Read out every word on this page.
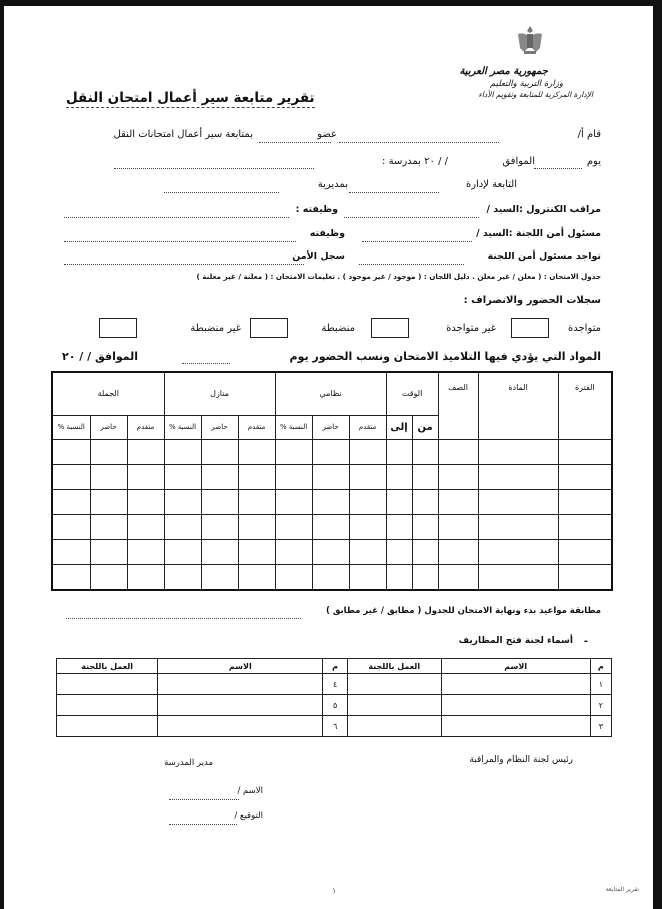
جمهورية مصر العربية
وزارة التربية والتعليم
الإدارة المركزية للمتابعة وتقويم الأداء
تقرير متابعة سير أعمال امتحان النقل
قام أ/
عضو
بمتابعة سير أعمال امتحانات النقل
يوم
الموافق
/ / ٢٠ بمدرسة :
التابعة لإدارة
بمديرية
مراقب الكنترول :السيد /
وظيفته :
مسئول أمن اللجنة :السيد /
وظيفته
تواجد مسئول أمن اللجنة
سجل الأمن
جدول الامتحان : ( معلن / غير معلن . دليل اللجان : ( موجود / غير موجود ) . تعليمات الامتحان : ( معلنة / غير معلنة )
سجلات الحضور والانصراف :
متواجدة
غير متواجدة
منضبطة
غير منضبطة
المواد التي يؤدي فيها التلاميذ الامتحان ونسب الحضور يوم
الموافق / / ٢٠
الفترة	المادة	الصف	الوقت		نظامي			منازل			الجملة		
			من	إلى	متقدم	حاضر	النسبة %	متقدم	حاضر	النسبة %	متقدم	حاضر	النسبة %

مطابقة مواعيد بدء ونهاية الامتحان للجدول ( مطابق / غير مطابق )
-
أسماء لجنة فتح المظاريف
م	الاسم	العمل باللجنة	م	الاسم	العمل باللجنة
١			٤		
٢			٥		
٣			٦		
رئيس لجنة النظام والمراقبة
مدير المدرسة
الاسم /
التوقيع /
١	تقرير المتابعة
